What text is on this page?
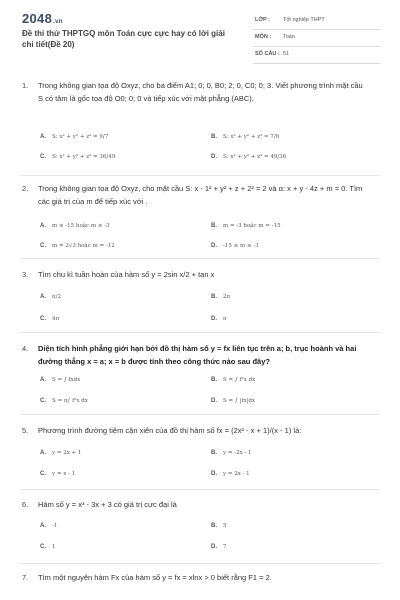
2048.vn
Đề thi thử THPTGQ môn Toán cực cực hay có lời giải chi tiết(Đề 20)
LỚP : Tốt nghiệp THPT
MÔN : Toán
SỐ CÂU : 51
1. Trong không gian tọa độ Oxyz, cho ba điểm A1; 0; 0, B0; 2; 0, C0; 0; 3. Viết phương trình mặt cầu S có tâm là gốc tọa độ O0; 0; 0 và tiếp xúc với mặt phẳng (ABC).
A. S: x² + y² + z² = 9/7	B. S: x² + y² + z² = 7/6
C. S: x² + y² + z² = 36/49	D. S: x² + y² + z² = 49/36
2. Trong không gian tọa độ Oxyz, cho mặt cầu S: x - 1² + y² + z + 2² = 2 và α: x + y - 4z + m = 0. Tìm các giá trị của m để tiếp xúc với .
A. m ≤ -15 hoặc m ≥ -3	B. m = -3 hoặc m = -15
C. m = 2√3 hoặc m = -12	D. -15 ≤ m ≤ -3
3. Tìm chu kì tuần hoàn của hàm số y = 2sin x/2 + tan x
A. π/2	B. 2π
C. 4π	D. π
4. Diện tích hình phẳng giới hạn bởi đồ thị hàm số y = fx liên tục trên a; b, trục hoành và hai đường thẳng x = a; x = b được tính theo công thức nào sau đây?
A. S = ∫ fxdx	B. S = ∫ f²x dx
C. S = π∫ f²x dx	D. S = ∫ |fx|dx
5. Phương trình đường tiệm cận xiên của đồ thị hàm số fx = (2x² - x + 1)/(x - 1) là:
A. y = 2x + 1	B. y = -2x - 1
C. y = x - 1	D. y = 2x - 1
6. Hàm số y = x³ - 3x + 3 có giá trị cực đại là
A. -1	B. 5
C. 1	D. 7
7. Tìm một nguyên hàm Fx của hàm số y = fx = xlnx > 0 biết rằng F1 = 2.
